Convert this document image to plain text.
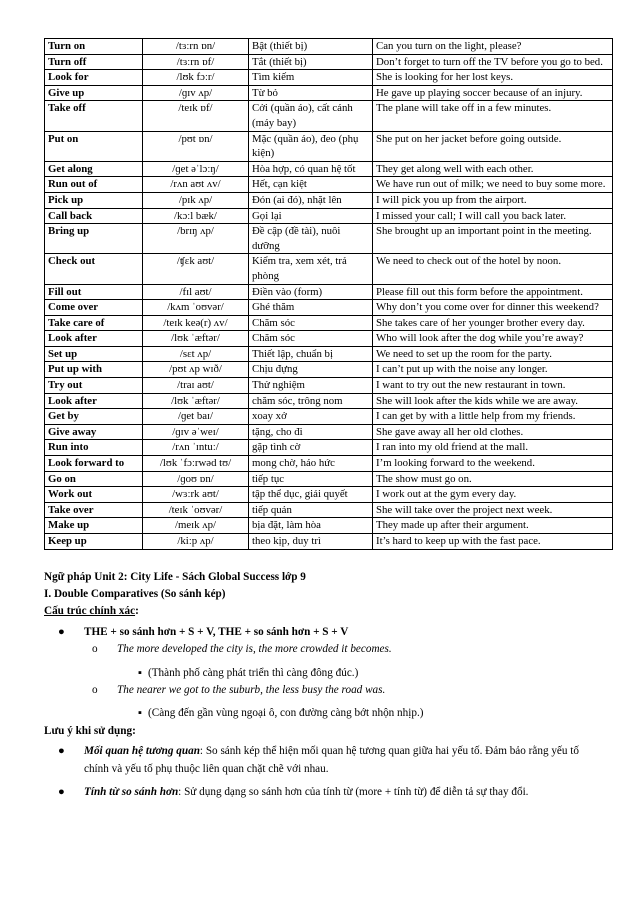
Turn on	/tɜːrn ɒn/	Bật (thiết bị)	Can you turn on the light, please?
Turn off	/tɜːrn ɒf/	Tắt (thiết bị)	Don’t forget to turn off the TV before you go to bed.
Look for	/lʊk fɔːr/	Tìm kiếm	She is looking for her lost keys.
Give up	/ɡɪv ʌp/	Từ bỏ	He gave up playing soccer because of an injury.
Take off	/teɪk ɒf/	Cởi (quần áo), cất cánh (máy bay)	The plane will take off in a few minutes.
Put on	/pʊt ɒn/	Mặc (quần áo), đeo (phụ kiện)	She put on her jacket before going outside.
Get along	/ɡet əˈlɔːŋ/	Hòa hợp, có quan hệ tốt	They get along well with each other.
Run out of	/rʌn aʊt ʌv/	Hết, cạn kiệt	We have run out of milk; we need to buy some more.
Pick up	/pɪk ʌp/	Đón (ai đó), nhặt lên	I will pick you up from the airport.
Call back	/kɔːl bæk/	Gọi lại	I missed your call; I will call you back later.
Bring up	/brɪŋ ʌp/	Đề cập (đề tài), nuôi dưỡng	She brought up an important point in the meeting.
Check out	/ʧɛk aʊt/	Kiểm tra, xem xét, trả phòng	We need to check out of the hotel by noon.
Fill out	/fɪl aʊt/	Điền vào (form)	Please fill out this form before the appointment.
Come over	/kʌm ˈoʊvər/	Ghé thăm	Why don’t you come over for dinner this weekend?
Take care of	/teɪk keə(r) ʌv/	Chăm sóc	She takes care of her younger brother every day.
Look after	/lʊk ˈæftər/	Chăm sóc	Who will look after the dog while you’re away?
Set up	/sɛt ʌp/	Thiết lập, chuẩn bị	We need to set up the room for the party.
Put up with	/pʊt ʌp wɪð/	Chịu đựng	I can’t put up with the noise any longer.
Try out	/traɪ aʊt/	Thử nghiệm	I want to try out the new restaurant in town.
Look after	/lʊk ˈæftər/	chăm sóc, trông nom	She will look after the kids while we are away.
Get by	/ɡet baɪ/	xoay xở	I can get by with a little help from my friends.
Give away	/ɡɪv əˈweɪ/	tặng, cho đi	She gave away all her old clothes.
Run into	/rʌn ˈɪntuː/	gặp tình cờ	I ran into my old friend at the mall.
Look forward to	/lʊk ˈfɔːrwəd tʊ/	mong chờ, háo hức	I’m looking forward to the weekend.
Go on	/ɡoʊ ɒn/	tiếp tục	The show must go on.
Work out	/wɜːrk aʊt/	tập thể dục, giải quyết	I work out at the gym every day.
Take over	/teɪk ˈoʊvər/	tiếp quản	She will take over the project next week.
Make up	/meɪk ʌp/	bịa đặt, làm hòa	They made up after their argument.
Keep up	/kiːp ʌp/	theo kịp, duy trì	It’s hard to keep up with the fast pace.
Ngữ pháp Unit 2: City Life - Sách Global Success lớp 9
I. Double Comparatives (So sánh kép)
Cấu trúc chính xác:
● THE + so sánh hơn + S + V, THE + so sánh hơn + S + V
o The more developed the city is, the more crowded it becomes.
▪ (Thành phố càng phát triển thì càng đông đúc.)
o The nearer we got to the suburb, the less busy the road was.
▪ (Càng đến gần vùng ngoại ô, con đường càng bớt nhộn nhịp.)
Lưu ý khi sử dụng:
● Mối quan hệ tương quan: So sánh kép thể hiện mối quan hệ tương quan giữa hai yếu tố. Đảm bảo rằng yếu tố chính và yếu tố phụ thuộc liên quan chặt chẽ với nhau.
● Tính từ so sánh hơn: Sử dụng dạng so sánh hơn của tính từ (more + tính từ) để diễn tả sự thay đổi.
